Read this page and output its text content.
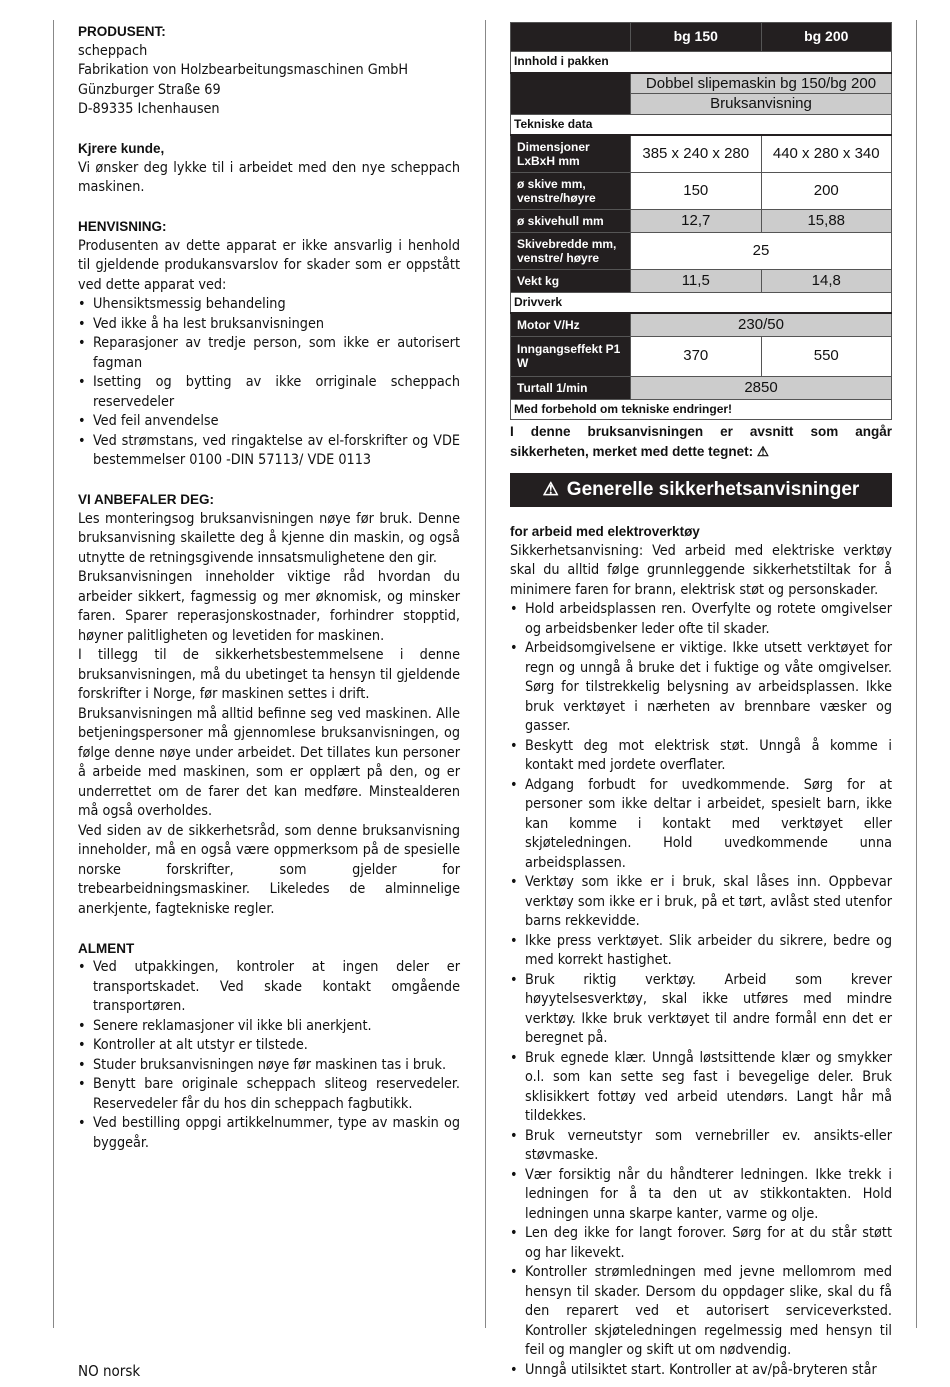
PRODUSENT:
scheppach
Fabrikation von Holzbearbeitungsmaschinen GmbH
Günzburger Straße 69
D-89335 Ichenhausen
Kjrere kunde,
Vi ønsker deg lykke til i arbeidet med den nye scheppach maskinen.
HENVISNING:
Produsenten av dette apparat er ikke ansvarlig i henhold til gjeldende produkansvarslov for skader som er oppstått ved dette apparat ved:
• Uhensiktsmessig behandeling
• Ved ikke å ha lest bruksanvisningen
• Reparasjoner av tredje person, som ikke er autorisert fagman
• Isetting og bytting av ikke orriginale scheppach reservedeler
• Ved feil anvendelse
• Ved strømstans, ved ringaktelse av el-forskrifter og VDE bestemmelser 0100 -DIN 57113/ VDE 0113
VI ANBEFALER DEG:
Les monteringsog bruksanvisningen nøye før bruk. Denne bruksanvisning skailette deg å kjenne din maskin, og også utnytte de retningsgivende innsatsmulighetene den gir.
Bruksanvisningen inneholder viktige råd hvordan du arbeider sikkert, fagmessig og mer øknomisk, og minsker faren. Sparer reperasjonskostnader, forhindrer stopptid, høyner palitligheten og levetiden for maskinen.
I tillegg til de sikkerhetsbestemmelsene i denne bruksanvisningen, må du ubetinget ta hensyn til gjeldende forskrifter i Norge, før maskinen settes i drift.
Bruksanvisningen må alltid befinne seg ved maskinen. Alle betjeningspersoner må gjennomlese bruksanvisningen, og følge denne nøye under arbeidet. Det tillates kun personer å arbeide med maskinen, som er opplært på den, og er underrettet om de farer det kan medføre. Minstealderen må også overholdes.
Ved siden av de sikkerhetsråd, som denne bruksanvisning inneholder, må en også være oppmerksom på de spesielle norske forskrifter, som gjelder for trebearbeidningsmaskiner. Likeledes de alminnelige anerkjente, fagtekniske regler.
ALMENT
• Ved utpakkingen, kontroler at ingen deler er transportskadet. Ved skade kontakt omgående transportøren.
• Senere reklamasjoner vil ikke bli anerkjent.
• Kontroller at alt utstyr er tilstede.
• Studer bruksanvisningen nøye før maskinen tas i bruk.
• Benytt bare originale scheppach sliteog reservedeler. Reservedeler får du hos din scheppach fagbutikk.
• Ved bestilling oppgi artikkelnummer, type av maskin og byggeår.
	bg 150	bg 200
Innhold i pakken		
	Dobbel slipemaskin bg 150/bg 200	
	Bruksanvisning	
Tekniske data		
Dimensjoner LxBxH mm	385 x 240 x 280	440 x 280 x 340
ø skive mm, venstre/høyre	150	200
ø skivehull mm	12,7	15,88
Skivebredde mm, venstre/ høyre	25	
Vekt kg	11,5	14,8
Drivverk		
Motor V/Hz	230/50	
Inngangseffekt P1 W	370	550
Turtall 1/min	2850	
Med forbehold om tekniske endringer!		
I denne bruksanvisningen er avsnitt som angår sikkerheten, merket med dette tegnet: ⚠
⚠ Generelle sikkerhetsanvisninger
for arbeid med elektroverktøy
Sikkerhetsanvisning: Ved arbeid med elektriske verktøy skal du alltid følge grunnleggende sikkerhetstiltak for å minimere faren for brann, elektrisk støt og personskader.
• Hold arbeidsplassen ren. Overfylte og rotete omgivelser og arbeidsbenker leder ofte til skader.
• Arbeidsomgivelsene er viktige. Ikke utsett verktøyet for regn og unngå å bruke det i fuktige og våte omgivelser. Sørg for tilstrekkelig belysning av arbeidsplassen. Ikke bruk verktøyet i nærheten av brennbare væsker og gasser.
• Beskytt deg mot elektrisk støt. Unngå å komme i kontakt med jordete overflater.
• Adgang forbudt for uvedkommende. Sørg for at personer som ikke deltar i arbeidet, spesielt barn, ikke kan komme i kontakt med verktøyet eller skjøteledningen. Hold uvedkommende unna arbeidsplassen.
• Verktøy som ikke er i bruk, skal låses inn. Oppbevar verktøy som ikke er i bruk, på et tørt, avlåst sted utenfor barns rekkevidde.
• Ikke press verktøyet. Slik arbeider du sikrere, bedre og med korrekt hastighet.
• Bruk riktig verktøy. Arbeid som krever høyytelsesverktøy, skal ikke utføres med mindre verktøy. Ikke bruk verktøyet til andre formål enn det er beregnet på.
• Bruk egnede klær. Unngå løstsittende klær og smykker o.l. som kan sette seg fast i bevegelige deler. Bruk sklisikkert fottøy ved arbeid utendørs. Langt hår må tildekkes.
• Bruk verneutstyr som vernebriller ev. ansikts-eller støvmaske.
• Vær forsiktig når du håndterer ledningen. Ikke trekk i ledningen for å ta den ut av stikkontakten. Hold ledningen unna skarpe kanter, varme og olje.
• Len deg ikke for langt forover. Sørg for at du står støtt og har likevekt.
• Kontroller strømledningen med jevne mellomrom med hensyn til skader. Dersom du oppdager slike, skal du få den reparert ved et autorisert serviceverksted. Kontroller skjøteledningen regelmessig med hensyn til feil og mangler og skift ut om nødvendig.
• Unngå utilsiktet start. Kontroller at av/på-bryteren står
NO norsk
